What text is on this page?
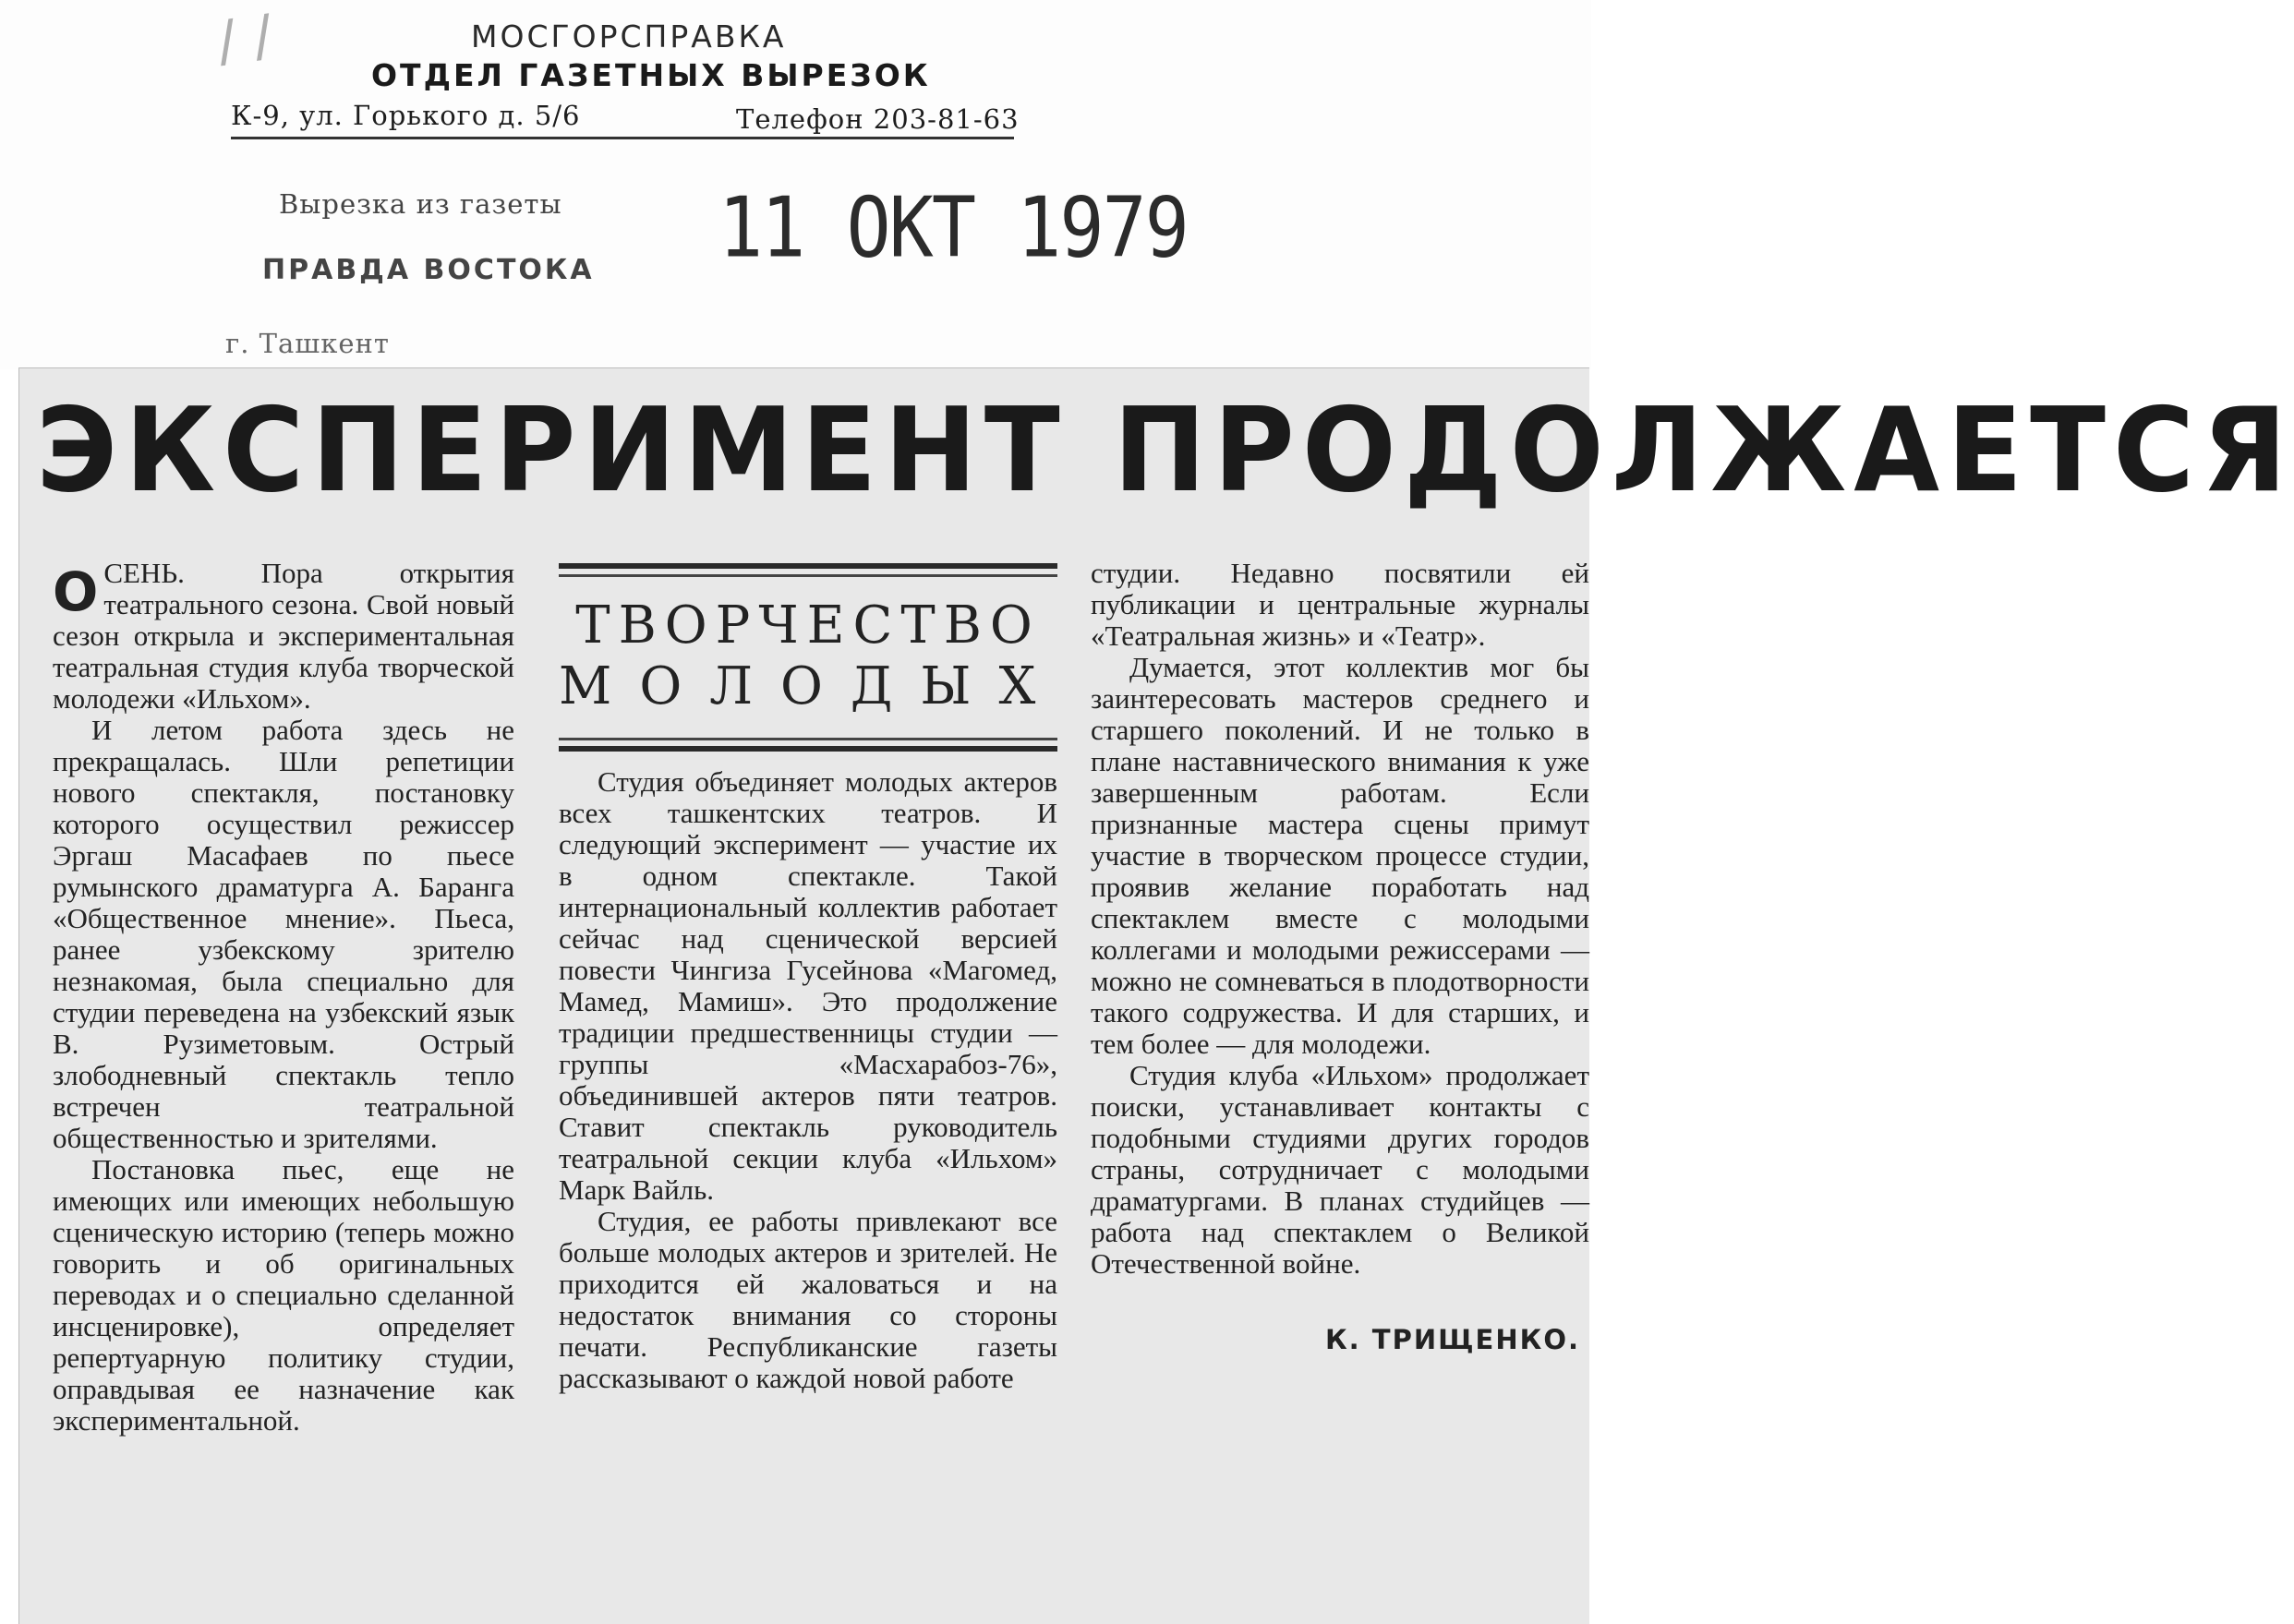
/ /	МОСГОРСПРАВКА
ОТДЕЛ ГАЗЕТНЫХ ВЫРЕЗОК
К-9, ул. Горького д. 5/6	Телефон 203-81-63
Вырезка из газеты
ПРАВДА ВОСТОКА
г. Ташкент
11 ОКТ 1979
ЭКСПЕРИМЕНТ ПРОДОЛЖАЕТСЯ

ОСЕНЬ. Пора открытия театрального сезона. Свой новый сезон открыла и экспериментальная театральная студия клуба творческой молодежи «Ильхом».

И летом работа здесь не прекращалась. Шли репетиции нового спектакля, постановку которого осуществил режиссер Эргаш Масафаев по пьесе румынского драматурга А. Баранга «Общественное мнение». Пьеса, ранее узбекскому зрителю незнакомая, была специально для студии переведена на узбекский язык В. Рузиметовым. Острый злободневный спектакль тепло встречен театральной общественностью и зрителями.

Постановка пьес, еще не имеющих или имеющих небольшую сценическую историю (теперь можно говорить и об оригинальных переводах и о специально сделанной инсценировке), определяет репертуарную политику студии, оправдывая ее назначение как экспериментальной.

ТВОРЧЕСТВО
МОЛОДЫХ

Студия объединяет молодых актеров всех ташкентских театров. И следующий эксперимент — участие их в одном спектакле. Такой интернациональный коллектив работает сейчас над сценической версией повести Чингиза Гусейнова «Магомед, Мамед, Мамиш». Это продолжение традиции предшественницы студии — группы «Масхарабоз-76», объединившей актеров пяти театров. Ставит спектакль руководитель театральной секции клуба «Ильхом» Марк Вайль.

Студия, ее работы привлекают все больше молодых актеров и зрителей. Не приходится ей жаловаться и на недостаток внимания со стороны печати. Республиканские газеты рассказывают о каждой новой работе

студии. Недавно посвятили ей публикации и центральные журналы «Театральная жизнь» и «Театр».

Думается, этот коллектив мог бы заинтересовать мастеров среднего и старшего поколений. И не только в плане наставнического внимания к уже завершенным работам. Если признанные мастера сцены примут участие в творческом процессе студии, проявив желание поработать над спектаклем вместе с молодыми коллегами и молодыми режиссерами — можно не сомневаться в плодотворности такого содружества. И для старших, и тем более — для молодежи.

Студия клуба «Ильхом» продолжает поиски, устанавливает контакты с подобными студиями других городов страны, сотрудничает с молодыми драматургами. В планах студийцев — работа над спектаклем о Великой Отечественной войне.

К. ТРИЩЕНКО.
